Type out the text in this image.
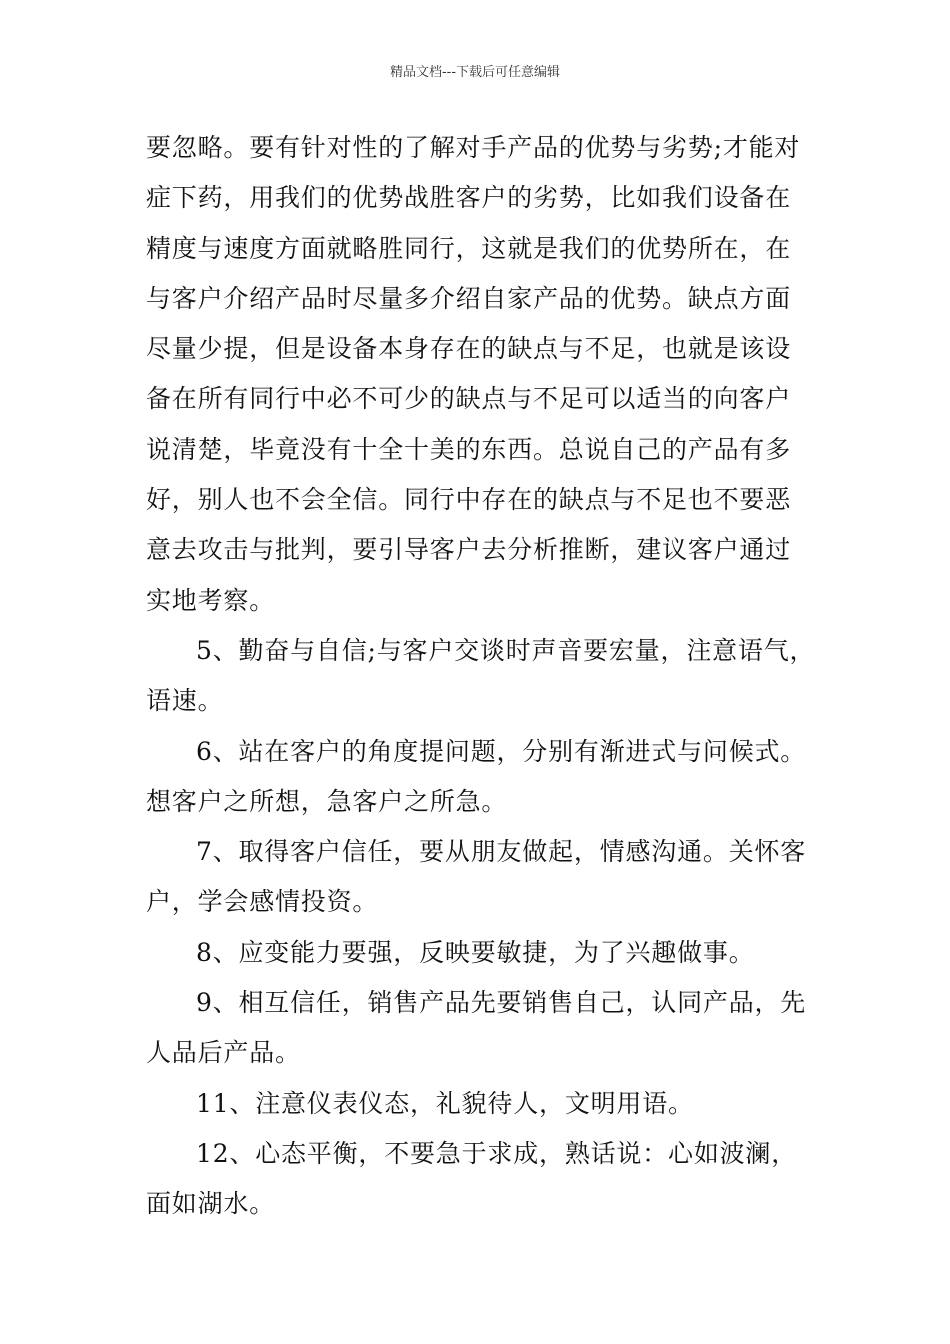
精品文档---下载后可任意编辑
要忽略。要有针对性的了解对手产品的优势与劣势;才能对
症下药，用我们的优势战胜客户的劣势，比如我们设备在
精度与速度方面就略胜同行，这就是我们的优势所在，在
与客户介绍产品时尽量多介绍自家产品的优势。缺点方面
尽量少提，但是设备本身存在的缺点与不足，也就是该设
备在所有同行中必不可少的缺点与不足可以适当的向客户
说清楚，毕竟没有十全十美的东西。总说自己的产品有多
好，别人也不会全信。同行中存在的缺点与不足也不要恶
意去攻击与批判，要引导客户去分析推断，建议客户通过
实地考察。
5、勤奋与自信;与客户交谈时声音要宏量，注意语气，
语速。
6、站在客户的角度提问题，分别有渐进式与问候式。
想客户之所想，急客户之所急。
7、取得客户信任，要从朋友做起，情感沟通。关怀客
户，学会感情投资。
8、应变能力要强，反映要敏捷，为了兴趣做事。
9、相互信任，销售产品先要销售自己，认同产品，先
人品后产品。
11、注意仪表仪态，礼貌待人，文明用语。
12、心态平衡，不要急于求成，熟话说：心如波澜，
面如湖水。
